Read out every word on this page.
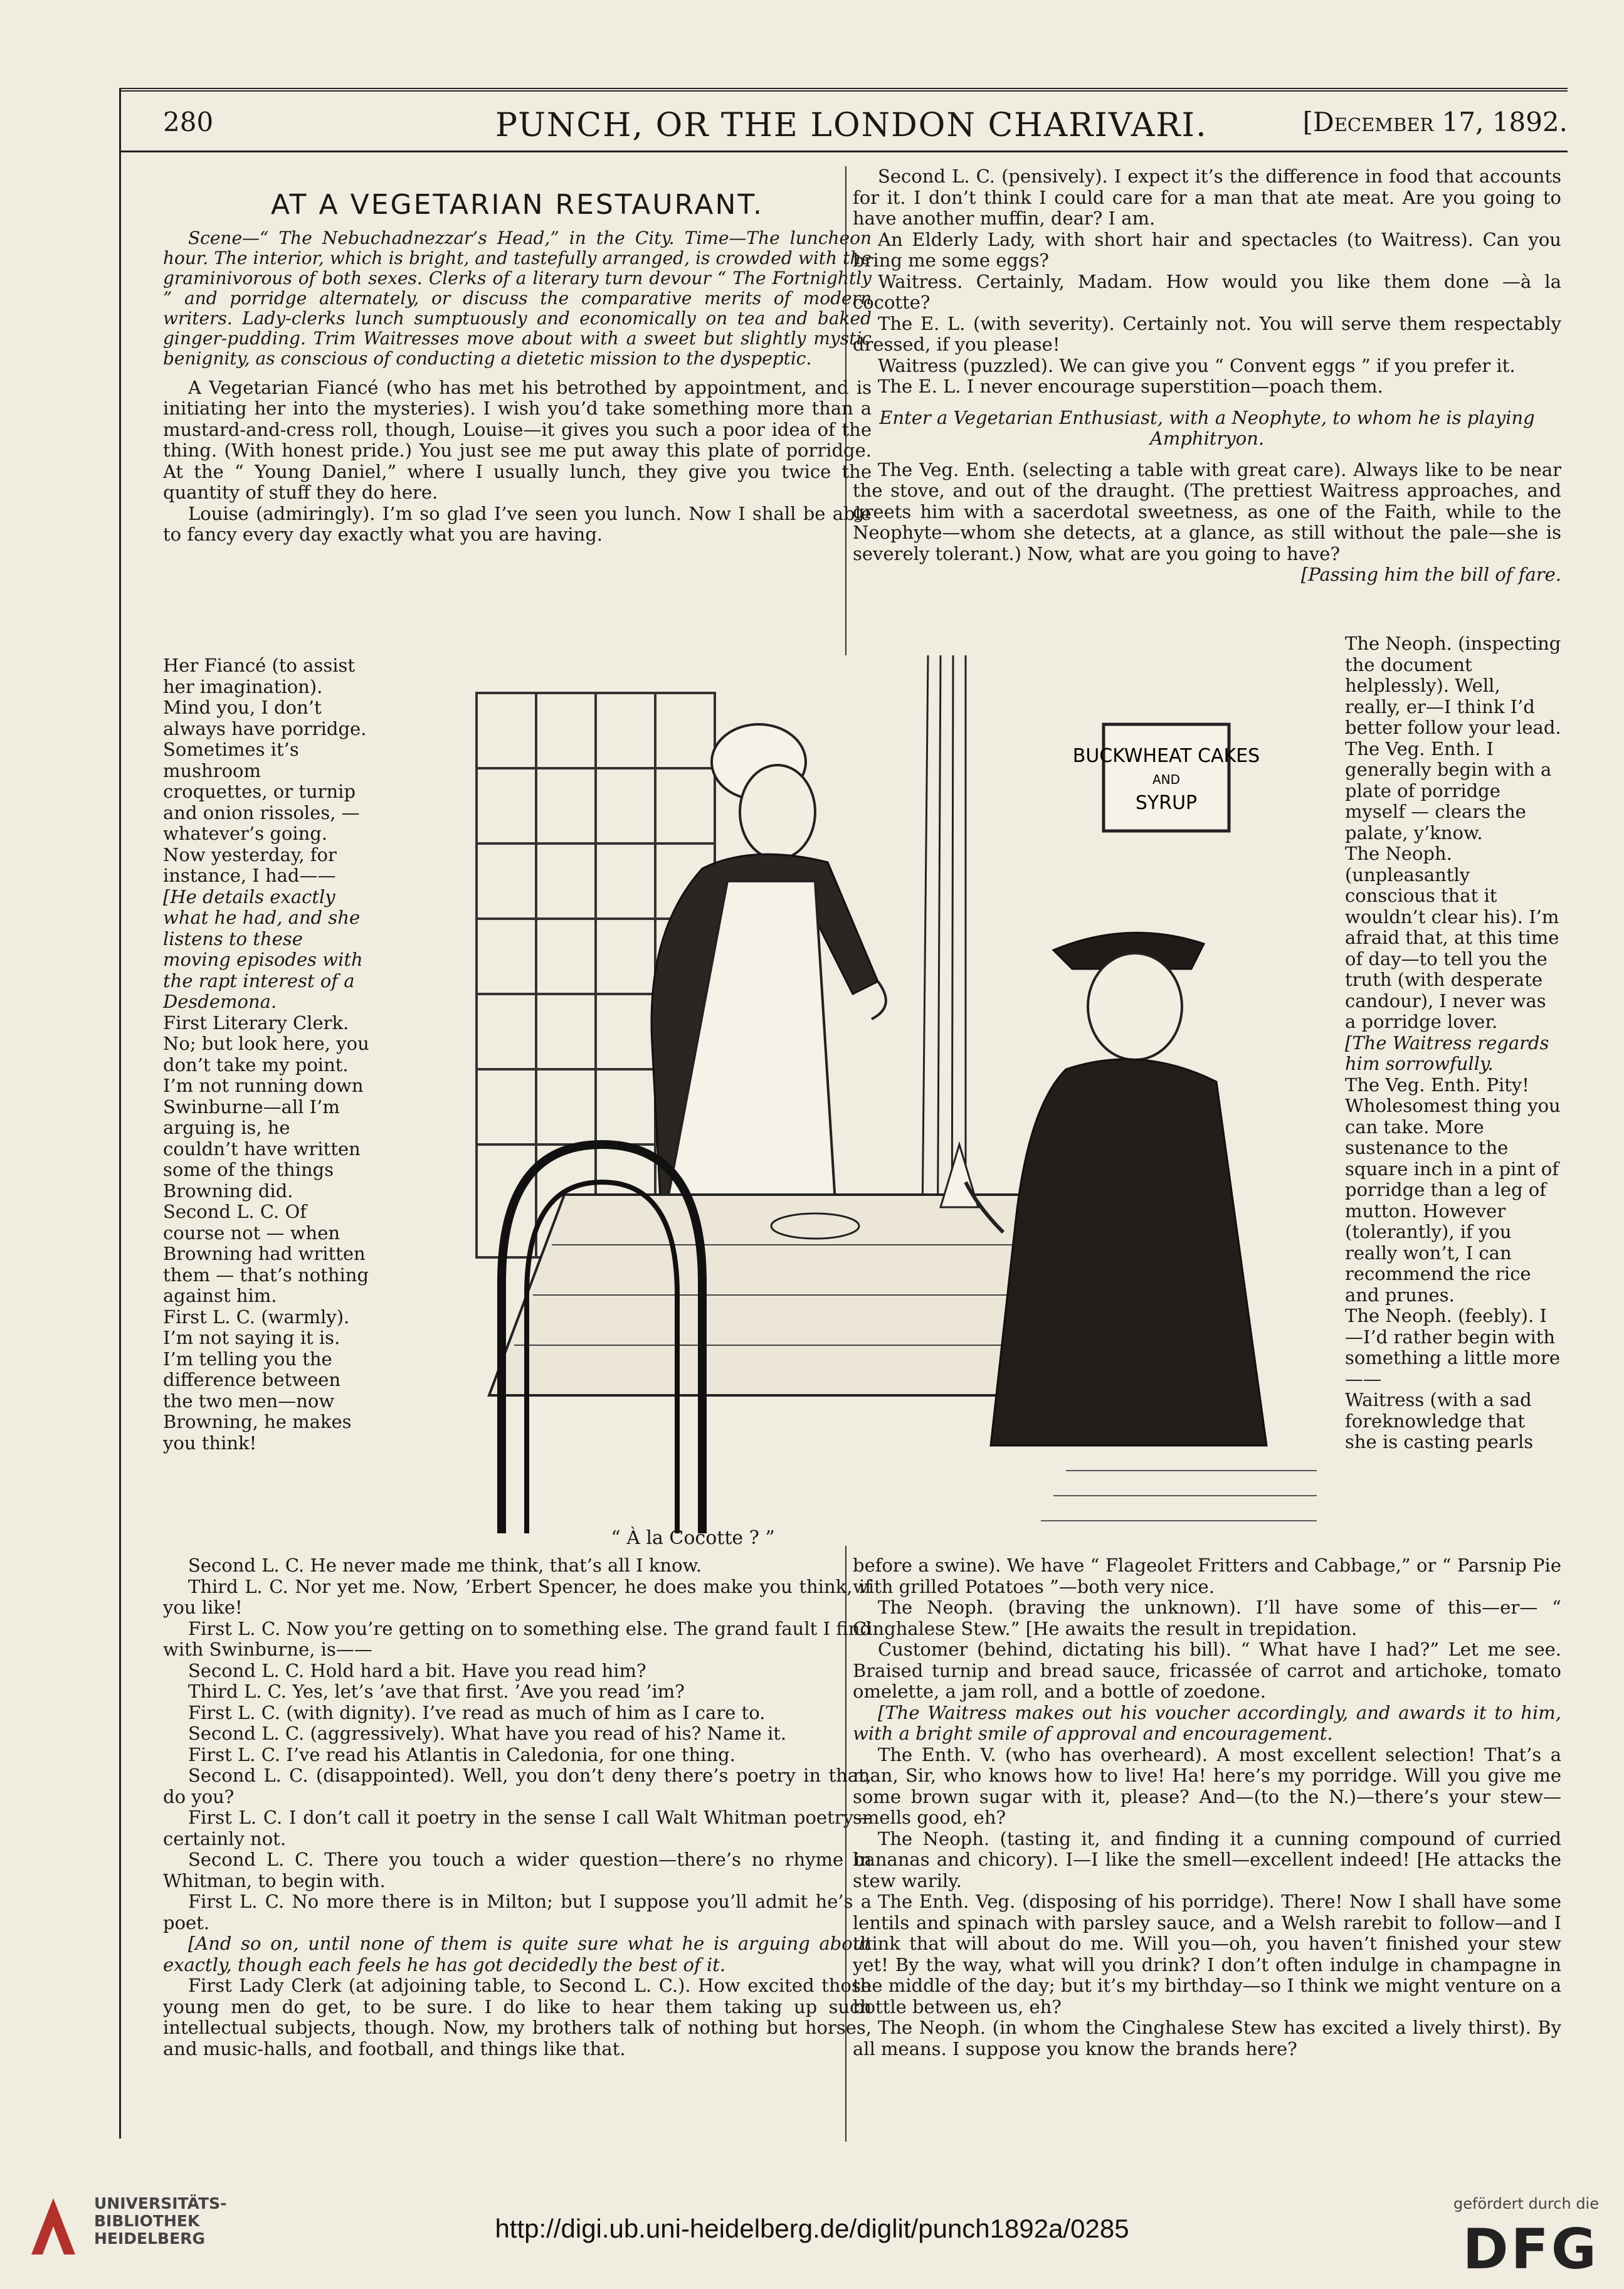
280	PUNCH, OR THE LONDON CHARIVARI.	[December 17, 1892.
AT A VEGETARIAN RESTAURANT.

Scene—“ The Nebuchadnezzar’s Head,” in the City. Time—The luncheon hour. The interior, which is bright, and tastefully arranged, is crowded with the graminivorous of both sexes. Clerks of a literary turn devour “ The Fortnightly ” and porridge alternately, or discuss the comparative merits of modern writers. Lady-clerks lunch sumptuously and economically on tea and baked ginger-pudding. Trim Waitresses move about with a sweet but slightly mystic benignity, as conscious of conducting a dietetic mission to the dyspeptic.

A Vegetarian Fiancé (who has met his betrothed by appointment, and is initiating her into the mysteries). I wish you’d take something more than a mustard-and-cress roll, though, Louise—it gives you such a poor idea of the thing. (With honest pride.) You just see me put away this plate of porridge. At the “ Young Daniel,” where I usually lunch, they give you twice the quantity of stuff they do here.

Louise (admiringly). I’m so glad I’ve seen you lunch. Now I shall be able to fancy every day exactly what you are having.

Her Fiancé (to assist her imagination). Mind you, I don’t always have porridge. Sometimes it’s mushroom croquettes, or turnip and onion rissoles, — whatever’s going. Now yesterday, for instance, I had——

[He details exactly what he had, and she listens to these moving episodes with the rapt interest of a Desdemona.

First Literary Clerk. No; but look here, you don’t take my point. I’m not running down Swinburne—all I’m arguing is, he couldn’t have written some of the things Browning did.

Second L. C. Of course not — when Browning had written them — that’s nothing against him.

First L. C. (warmly). I’m not saying it is. I’m telling you the difference between the two men—now Browning, he makes you think!

Second L. C. (pensively). I expect it’s the difference in food that accounts for it. I don’t think I could care for a man that ate meat. Are you going to have another muffin, dear? I am.

An Elderly Lady, with short hair and spectacles (to Waitress). Can you bring me some eggs?

Waitress. Certainly, Madam. How would you like them done —à la cocotte?

The E. L. (with severity). Certainly not. You will serve them respectably dressed, if you please!

Waitress (puzzled). We can give you “ Convent eggs ” if you prefer it.

The E. L. I never encourage superstition—poach them.

Enter a Vegetarian Enthusiast, with a Neophyte, to whom he is playing Amphitryon.

The Veg. Enth. (selecting a table with great care). Always like to be near the stove, and out of the draught. (The prettiest Waitress approaches, and greets him with a sacerdotal sweetness, as one of the Faith, while to the Neophyte—whom she detects, at a glance, as still without the pale—she is severely tolerant.) Now, what are you going to have?

[Passing him the bill of fare.

The Neoph. (inspecting the document helplessly). Well, really, er—I think I’d better follow your lead.

The Veg. Enth. I generally begin with a plate of porridge myself — clears the palate, y’know.

The Neoph. (unpleasantly conscious that it wouldn’t clear his). I’m afraid that, at this time of day—to tell you the truth (with desperate candour), I never was a porridge lover.

[The Waitress regards him sorrowfully.

The Veg. Enth. Pity! Wholesomest thing you can take. More sustenance to the square inch in a pint of porridge than a leg of mutton. However (tolerantly), if you really won’t, I can recommend the rice and prunes.

The Neoph. (feebly). I—I’d rather begin with something a little more——

Waitress (with a sad foreknowledge that she is casting pearls

BUCKWHEAT CAKES
AND
SYRUP
“ À la Cocotte ? ”

Second L. C. He never made me think, that’s all I know.

Third L. C. Nor yet me. Now, ’Erbert Spencer, he does make you think, if you like!

First L. C. Now you’re getting on to something else. The grand fault I find with Swinburne, is——

Second L. C. Hold hard a bit. Have you read him?

Third L. C. Yes, let’s ’ave that first. ’Ave you read ’im?

First L. C. (with dignity). I’ve read as much of him as I care to.

Second L. C. (aggressively). What have you read of his? Name it.

First L. C. I’ve read his Atlantis in Caledonia, for one thing.

Second L. C. (disappointed). Well, you don’t deny there’s poetry in that, do you?

First L. C. I don’t call it poetry in the sense I call Walt Whitman poetry—certainly not.

Second L. C. There you touch a wider question—there’s no rhyme in Whitman, to begin with.

First L. C. No more there is in Milton; but I suppose you’ll admit he’s a poet.

[And so on, until none of them is quite sure what he is arguing about exactly, though each feels he has got decidedly the best of it.

First Lady Clerk (at adjoining table, to Second L. C.). How excited those young men do get, to be sure. I do like to hear them taking up such intellectual subjects, though. Now, my brothers talk of nothing but horses, and music-halls, and football, and things like that.

before a swine). We have “ Flageolet Fritters and Cabbage,” or “ Parsnip Pie with grilled Potatoes ”—both very nice.

The Neoph. (braving the unknown). I’ll have some of this—er— “ Cinghalese Stew.” [He awaits the result in trepidation.

Customer (behind, dictating his bill). “ What have I had?” Let me see. Braised turnip and bread sauce, fricassée of carrot and artichoke, tomato omelette, a jam roll, and a bottle of zoedone.

[The Waitress makes out his voucher accordingly, and awards it to him, with a bright smile of approval and encouragement.

The Enth. V. (who has overheard). A most excellent selection! That’s a man, Sir, who knows how to live! Ha! here’s my porridge. Will you give me some brown sugar with it, please? And—(to the N.)—there’s your stew—smells good, eh?

The Neoph. (tasting it, and finding it a cunning compound of curried bananas and chicory). I—I like the smell—excellent indeed! [He attacks the stew warily.

The Enth. Veg. (disposing of his porridge). There! Now I shall have some lentils and spinach with parsley sauce, and a Welsh rarebit to follow—and I think that will about do me. Will you—oh, you haven’t finished your stew yet! By the way, what will you drink? I don’t often indulge in champagne in the middle of the day; but it’s my birthday—so I think we might venture on a bottle between us, eh?

The Neoph. (in whom the Cinghalese Stew has excited a lively thirst). By all means. I suppose you know the brands here?

UNIVERSITÄTS-
BIBLIOTHEK
HEIDELBERG	http://digi.ub.uni-heidelberg.de/diglit/punch1892a/0285
gefördert durch die
DFG
